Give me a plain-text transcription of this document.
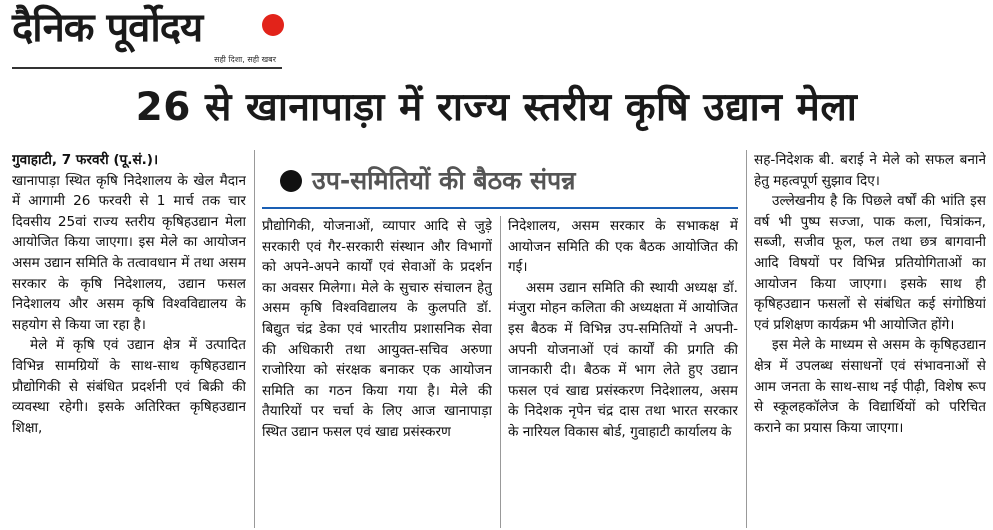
दैनिक पूर्वोदय
सही दिशा, सही खबर
26 से खानापाड़ा में राज्य स्तरीय कृषि उद्यान मेला

गुवाहाटी, 7 फरवरी (पू.सं.)।

खानापाड़ा स्थित कृषि निदेशालय के खेल मैदान में आगामी 26 फरवरी से 1 मार्च तक चार दिवसीय 25वां राज्य स्तरीय कृषिहउद्यान मेला आयोजित किया जाएगा। इस मेले का आयोजन असम उद्यान समिति के तत्वावधान में तथा असम सरकार के कृषि निदेशालय, उद्यान फसल निदेशालय और असम कृषि विश्वविद्यालय के सहयोग से किया जा रहा है।

मेले में कृषि एवं उद्यान क्षेत्र में उत्पादित विभिन्न सामग्रियों के साथ-साथ कृषिहउद्यान प्रौद्योगिकी से संबंधित प्रदर्शनी एवं बिक्री की व्यवस्था रहेगी। इसके अतिरिक्त कृषिहउद्यान शिक्षा,

उप-समितियों की बैठक संपन्न

प्रौद्योगिकी, योजनाओं, व्यापार आदि से जुड़े सरकारी एवं गैर-सरकारी संस्थान और विभागों को अपने-अपने कार्यों एवं सेवाओं के प्रदर्शन का अवसर मिलेगा। मेले के सुचारु संचालन हेतु असम कृषि विश्वविद्यालय के कुलपति डॉ. बिद्युत चंद्र डेका एवं भारतीय प्रशासनिक सेवा की अधिकारी तथा आयुक्त-सचिव अरुणा राजोरिया को संरक्षक बनाकर एक आयोजन समिति का गठन किया गया है। मेले की तैयारियों पर चर्चा के लिए आज खानापाड़ा स्थित उद्यान फसल एवं खाद्य प्रसंस्करण

निदेशालय, असम सरकार के सभाकक्ष में आयोजन समिति की एक बैठक आयोजित की गई।

असम उद्यान समिति की स्थायी अध्यक्ष डॉ. मंजुरा मोहन कलिता की अध्यक्षता में आयोजित इस बैठक में विभिन्न उप-समितियों ने अपनी-अपनी योजनाओं एवं कार्यों की प्रगति की जानकारी दी। बैठक में भाग लेते हुए उद्यान फसल एवं खाद्य प्रसंस्करण निदेशालय, असम के निदेशक नृपेन चंद्र दास तथा भारत सरकार के नारियल विकास बोर्ड, गुवाहाटी कार्यालय के

सह-निदेशक बी. बराई ने मेले को सफल बनाने हेतु महत्वपूर्ण सुझाव दिए।

उल्लेखनीय है कि पिछले वर्षों की भांति इस वर्ष भी पुष्प सज्जा, पाक कला, चित्रांकन, सब्जी, सजीव फूल, फल तथा छत्र बागवानी आदि विषयों पर विभिन्न प्रतियोगिताओं का आयोजन किया जाएगा। इसके साथ ही कृषिहउद्यान फसलों से संबंधित कई संगोष्ठियां एवं प्रशिक्षण कार्यक्रम भी आयोजित होंगे।

इस मेले के माध्यम से असम के कृषिहउद्यान क्षेत्र में उपलब्ध संसाधनों एवं संभावनाओं से आम जनता के साथ-साथ नई पीढ़ी, विशेष रूप से स्कूलहकॉलेज के विद्यार्थियों को परिचित कराने का प्रयास किया जाएगा।
